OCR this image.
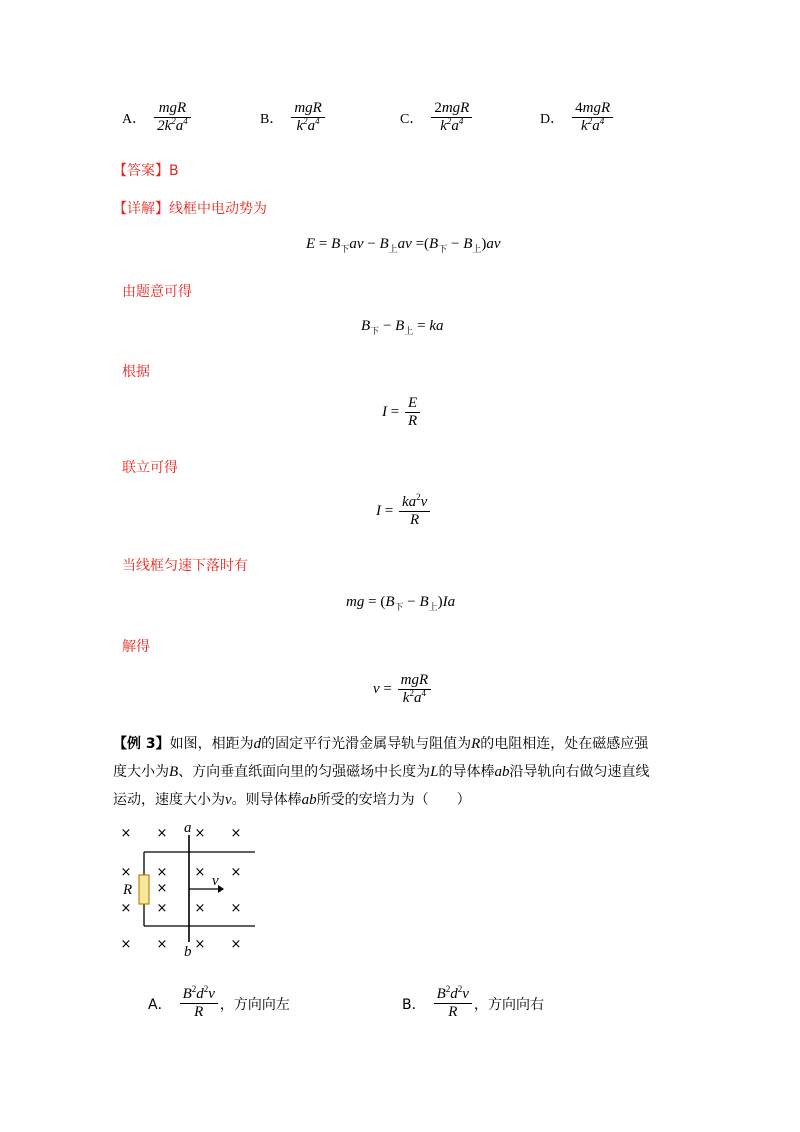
A． $\frac{\text{mgR}}{2k^2a^4}$	B． $\frac{\text{mgR}}{k^2a^4}$	C． $\frac{\text{2mgR}}{k^2a^4}$	D． $\frac{\text{4mgR}}{k^2a^4}$
【答案】B
【详解】线框中电动势为
$E = B_下av - B_上av =(B_下 - B_上)av$
由题意可得
$B_下 - B_上$ = ka
根据
$I = \frac{E}{R}$
联立可得
$I = \frac{ka^2v}{R}$
当线框匀速下落时有
mg = $(B_下 - B_上)Ia$
解得
$v = \frac{\text{mgR}}{k^2a^4}$
【例 3】如图，相距为d的固定平行光滑金属导轨与阻值为R的电阻相连，处在磁感应强
度大小为B、方向垂直纸面向里的匀强磁场中长度为L的导体棒ab沿导轨向右做匀速直线
运动，速度大小为v。则导体棒ab所受的安培力为（　　）
× × × ×
× × × ×
×
× × × ×
× × × ×
a
b
R
v
A． $\frac{B^2d^2v}{R}$ ，方向向左	B． $\frac{B^2d^2v}{R}$ ，方向向右
